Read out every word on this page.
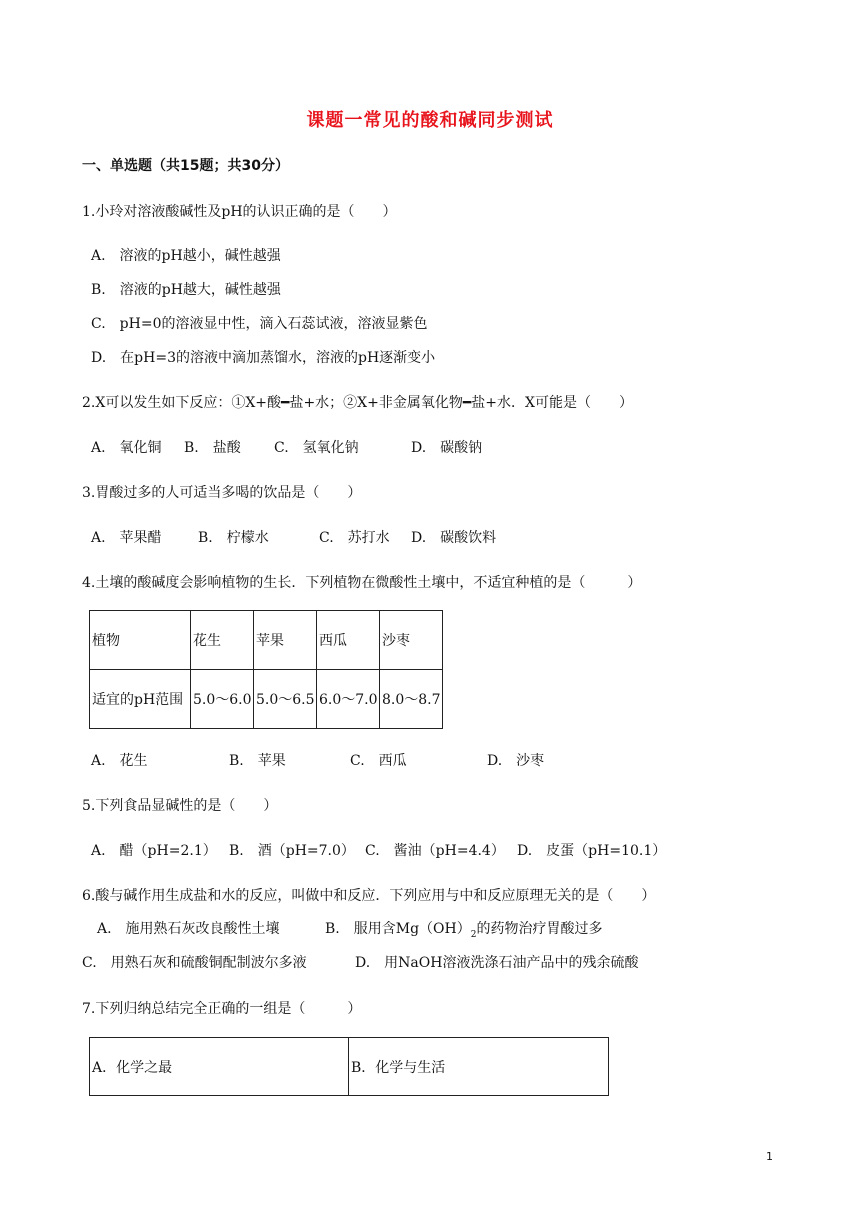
课题一常见的酸和碱同步测试
一、单选题（共15题；共30分）
1.小玲对溶液酸碱性及pH的认识正确的是（　　）
A.　溶液的pH越小，碱性越强
B.　溶液的pH越大，碱性越强
C.　pH=0的溶液显中性，滴入石蕊试液，溶液显紫色
D.　在pH=3的溶液中滴加蒸馏水，溶液的pH逐渐变小
2.X可以发生如下反应：①X+酸━盐+水；②X+非金属氧化物━盐+水．X可能是（　　）
A.　氧化铜 B.　盐酸 C.　氢氧化钠	D.　碳酸钠
3.胃酸过多的人可适当多喝的饮品是（　　）
A.　苹果醋	B.　柠檬水	C.　苏打水 D.　碳酸饮料
4.土壤的酸碱度会影响植物的生长．下列植物在微酸性土壤中，不适宜种植的是（　　　）
植物	花生	苹果	西瓜	沙枣
适宜的pH范围	5.0～6.0	5.0～6.5	6.0～7.0	8.0～8.7
A.　花生	B.　苹果	C.　西瓜	D.　沙枣
5.下列食品显碱性的是（　　）
A.　醋（pH=2.1） B.　酒（pH=7.0） C.　酱油（pH=4.4） D.　皮蛋（pH=10.1）
6.酸与碱作用生成盐和水的反应，叫做中和反应．下列应用与中和反应原理无关的是（　　）
A.　施用熟石灰改良酸性土壤	B.　服用含$Mg(OH)_2$的药物治疗胃酸过多
C.　用熟石灰和硫酸铜配制波尔多液	D.　用NaOH溶液洗涤石油产品中的残余硫酸
7.下列归纳总结完全正确的一组是（　　　）
A．化学之最	B．化学与生活
1
